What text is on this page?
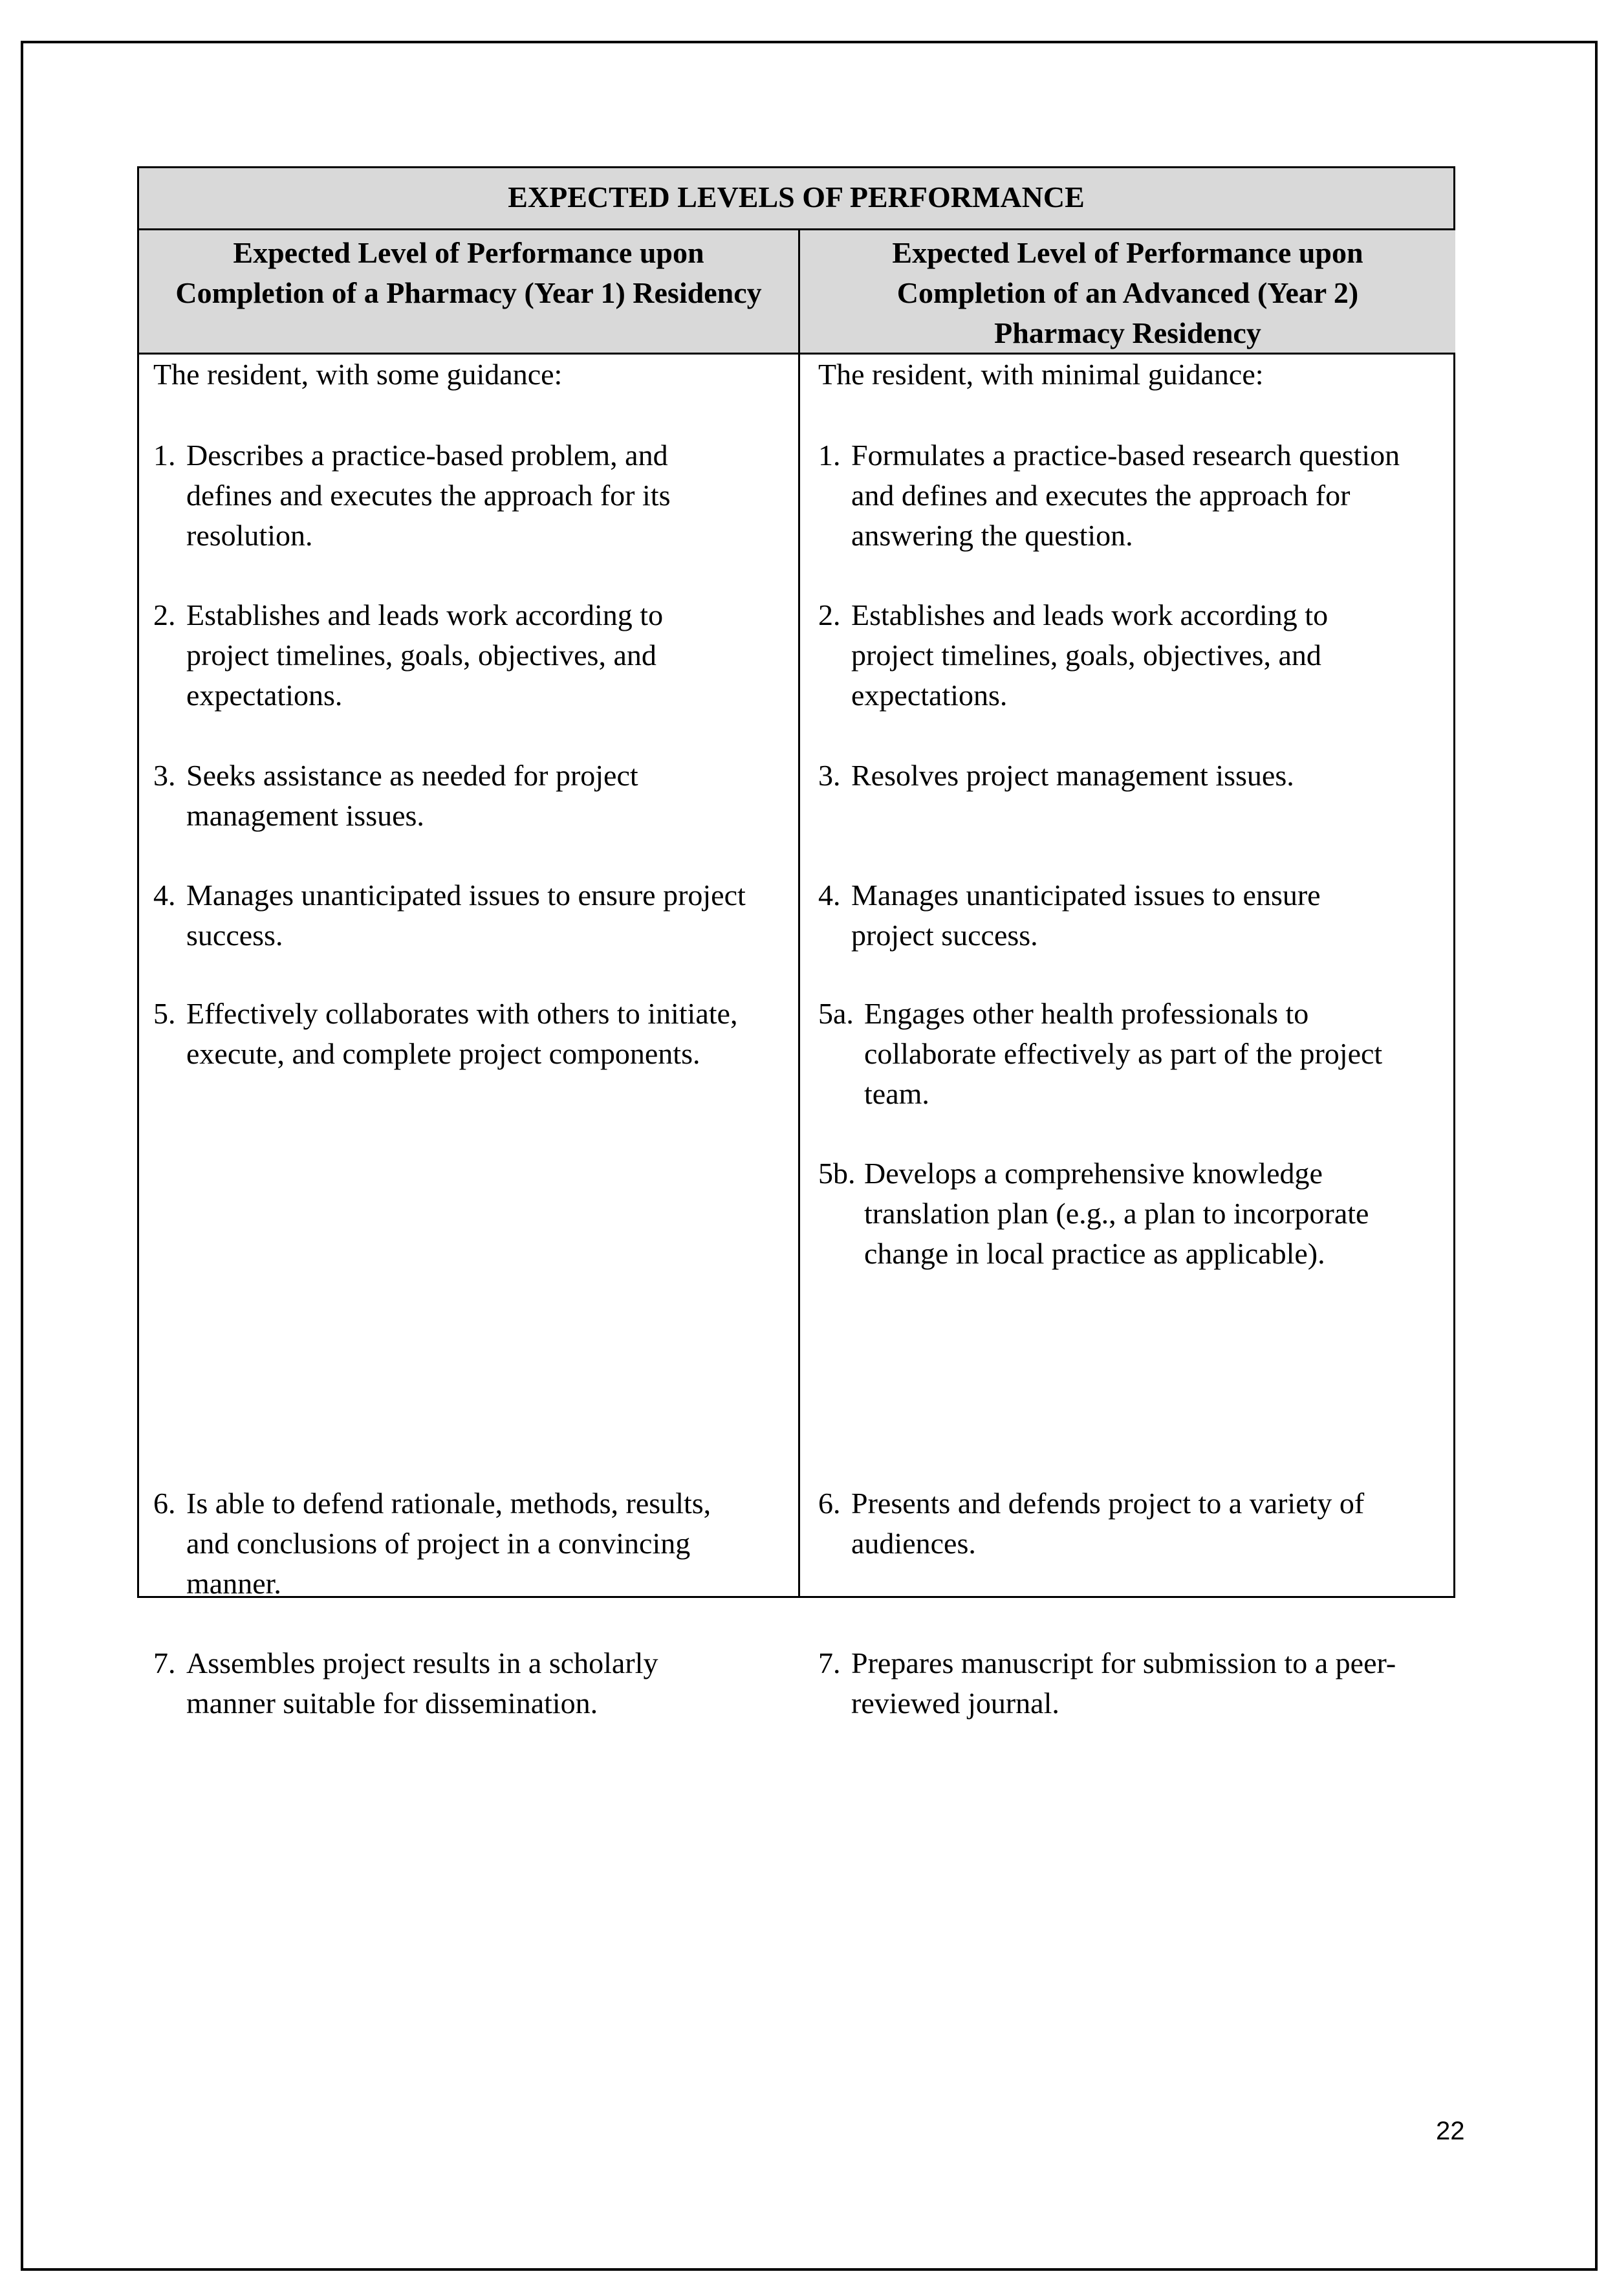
EXPECTED LEVELS OF PERFORMANCE
Expected Level of Performance upon
Completion of a Pharmacy (Year 1) Residency
Expected Level of Performance upon
Completion of an Advanced (Year 2)
Pharmacy Residency
The resident, with some guidance:
1. Describes a practice-based problem, and
defines and executes the approach for its
resolution.
2. Establishes and leads work according to
project timelines, goals, objectives, and
expectations.
3. Seeks assistance as needed for project
management issues.
4. Manages unanticipated issues to ensure project
success.
5. Effectively collaborates with others to initiate,
execute, and complete project components.
6. Is able to defend rationale, methods, results,
and conclusions of project in a convincing
manner.
7. Assembles project results in a scholarly
manner suitable for dissemination.
The resident, with minimal guidance:
1. Formulates a practice-based research question
and defines and executes the approach for
answering the question.
2. Establishes and leads work according to
project timelines, goals, objectives, and
expectations.
3. Resolves project management issues.
4. Manages unanticipated issues to ensure
project success.
5a. Engages other health professionals to
collaborate effectively as part of the project
team.
5b. Develops a comprehensive knowledge
translation plan (e.g., a plan to incorporate
change in local practice as applicable).
6. Presents and defends project to a variety of
audiences.
7. Prepares manuscript for submission to a peer-
reviewed journal.
22
